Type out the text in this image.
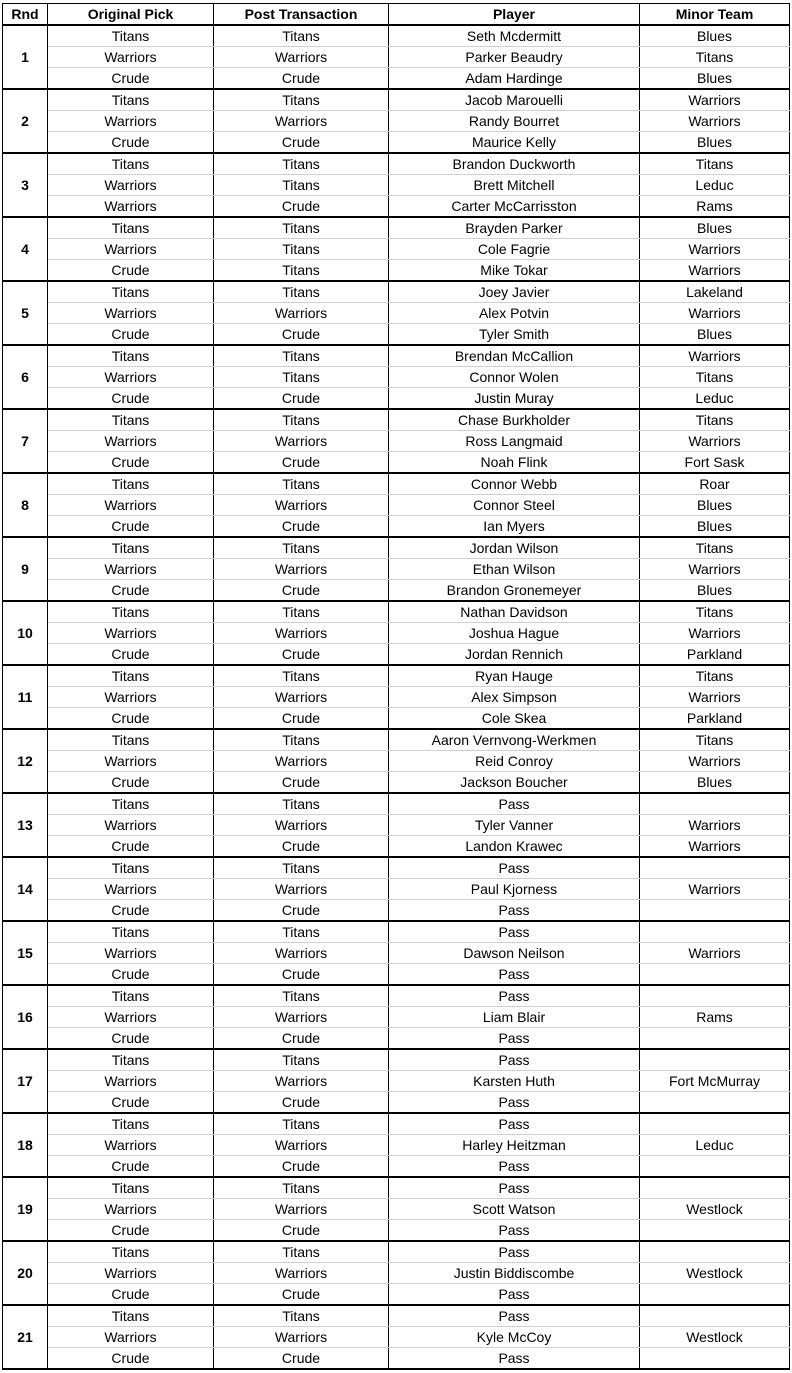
Rnd	Original Pick	Post Transaction	Player	Minor Team
1	Titans	Titans	Seth Mcdermitt	Blues
	Warriors	Warriors	Parker Beaudry	Titans
	Crude	Crude	Adam Hardinge	Blues
2	Titans	Titans	Jacob Marouelli	Warriors
	Warriors	Warriors	Randy Bourret	Warriors
	Crude	Crude	Maurice Kelly	Blues
3	Titans	Titans	Brandon Duckworth	Titans
	Warriors	Titans	Brett Mitchell	Leduc
	Warriors	Crude	Carter McCarrisston	Rams
4	Titans	Titans	Brayden Parker	Blues
	Warriors	Titans	Cole Fagrie	Warriors
	Crude	Titans	Mike Tokar	Warriors
5	Titans	Titans	Joey Javier	Lakeland
	Warriors	Warriors	Alex Potvin	Warriors
	Crude	Crude	Tyler Smith	Blues
6	Titans	Titans	Brendan McCallion	Warriors
	Warriors	Titans	Connor Wolen	Titans
	Crude	Crude	Justin Muray	Leduc
7	Titans	Titans	Chase Burkholder	Titans
	Warriors	Warriors	Ross Langmaid	Warriors
	Crude	Crude	Noah Flink	Fort Sask
8	Titans	Titans	Connor Webb	Roar
	Warriors	Warriors	Connor Steel	Blues
	Crude	Crude	Ian Myers	Blues
9	Titans	Titans	Jordan Wilson	Titans
	Warriors	Warriors	Ethan Wilson	Warriors
	Crude	Crude	Brandon Gronemeyer	Blues
10	Titans	Titans	Nathan Davidson	Titans
	Warriors	Warriors	Joshua Hague	Warriors
	Crude	Crude	Jordan Rennich	Parkland
11	Titans	Titans	Ryan Hauge	Titans
	Warriors	Warriors	Alex Simpson	Warriors
	Crude	Crude	Cole Skea	Parkland
12	Titans	Titans	Aaron Vernvong-Werkmen	Titans
	Warriors	Warriors	Reid Conroy	Warriors
	Crude	Crude	Jackson Boucher	Blues
13	Titans	Titans	Pass	
	Warriors	Warriors	Tyler Vanner	Warriors
	Crude	Crude	Landon Krawec	Warriors
14	Titans	Titans	Pass	
	Warriors	Warriors	Paul Kjorness	Warriors
	Crude	Crude	Pass	
15	Titans	Titans	Pass	
	Warriors	Warriors	Dawson Neilson	Warriors
	Crude	Crude	Pass	
16	Titans	Titans	Pass	
	Warriors	Warriors	Liam Blair	Rams
	Crude	Crude	Pass	
17	Titans	Titans	Pass	
	Warriors	Warriors	Karsten Huth	Fort McMurray
	Crude	Crude	Pass	
18	Titans	Titans	Pass	
	Warriors	Warriors	Harley Heitzman	Leduc
	Crude	Crude	Pass	
19	Titans	Titans	Pass	
	Warriors	Warriors	Scott Watson	Westlock
	Crude	Crude	Pass	
20	Titans	Titans	Pass	
	Warriors	Warriors	Justin Biddiscombe	Westlock
	Crude	Crude	Pass	
21	Titans	Titans	Pass	
	Warriors	Warriors	Kyle McCoy	Westlock
	Crude	Crude	Pass	
